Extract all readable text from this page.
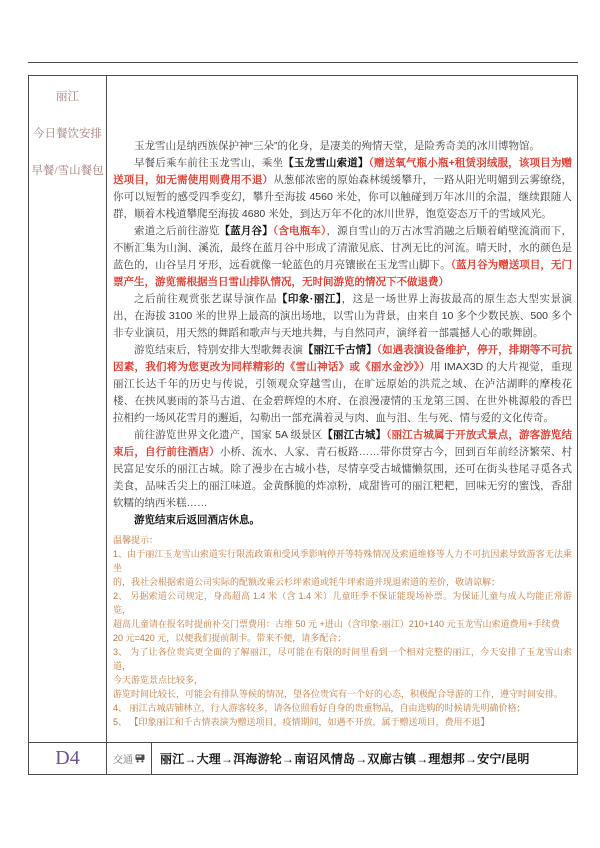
丽江
今日餐饮安排
早餐/雪山餐包

玉龙雪山是纳西族保护神“三朵”的化身，是凄美的殉情天堂，是险秀奇美的冰川博物馆。

早餐后乘车前往玉龙雪山，乘坐【玉龙雪山索道】（赠送氧气瓶小瓶+租赁羽绒服，该项目为赠送项目，如无需使用则费用不退）从葱郁浓密的原始森林缓缓攀升，一路从阳光明媚到云雾缭绕，你可以短暂的感受四季变幻，攀升至海拔 4560 米处，你可以触碰到万年冰川的余温，继续跟随人群，顺着木栈道攀爬至海拔 4680 米处，到达万年不化的冰川世界，饱览姿态万千的雪域风光。

索道之后前往游览【蓝月谷】（含电瓶车），源自雪山的万古冰雪消融之后顺着峭壁流淌而下，不断汇集为山涧、溪流，最终在蓝月谷中形成了清澈见底、甘冽无比的河流。晴天时，水的颜色是蓝色的，山谷呈月牙形，远看就像一轮蓝色的月亮镶嵌在玉龙雪山脚下。（蓝月谷为赠送项目，无门票产生，游览需根据当日雪山排队情况，无时间游览的情况下不做退费）

之后前往观赏张艺谋导演作品【印象·丽江】，这是一场世界上海拔最高的原生态大型实景演出，在海拔 3100 米的世界上最高的演出场地，以雪山为背景，由来自 10 多个少数民族、500 多个非专业演员，用天然的舞蹈和歌声与天地共舞，与自然同声，演绎着一部震撼人心的歌舞剧。

游览结束后，特别安排大型歌舞表演【丽江千古情】（如遇表演设备维护，停开，排期等不可抗因素，我们将为您更改为同样精彩的《雪山神话》或《丽水金沙》）用 IMAX3D 的大片视觉，重现丽江长达千年的历史与传说，引领观众穿越雪山，在旷远原始的洪荒之域、在泸沽湖畔的摩梭花楼、在挟风裹雨的茶马古道、在金碧辉煌的木府、在浪漫凄情的玉龙第三国、在世外桃源般的香巴拉相约一场风花雪月的邂逅，勾勒出一部充满着灵与肉、血与泪、生与死、情与爱的文化传奇。

前往游览世界文化遗产，国家 5A 级景区【丽江古城】（丽江古城属于开放式景点，游客游览结束后，自行前往酒店）小桥、流水、人家、青石板路……带你贯穿古今，回到百年前经济繁荣、村民富足安乐的丽江古城。除了漫步在古城小巷，尽情享受古城慵懒氛围，还可在街头巷尾寻觅各式美食，品味舌尖上的丽江味道。金黄酥脆的炸凉粉，咸甜皆可的丽江粑粑，回味无穷的蜜饯，香甜软糯的纳西米糕……

游览结束后返回酒店休息。

温馨提示：
1、由于丽江玉龙雪山索道实行限流政策和受风季影响停开等特殊情况及索道维修等人力不可抗因素导致游客无法乘坐
的，我社会根据索道公司实际的配额改乘云杉坪索道或牦牛坪索道并现退索道的差价，敬请谅解；
2、 另据索道公司规定，身高超高 1.4 米（含 1.4 米）儿童旺季不保证能现场补票。为保证儿童与成人均能正常游览，
超高儿童请在报名时提前补交门票费用：古维 50 元 +进山（含印象·丽江）210+140 元玉龙雪山索道费用+手续费
20 元=420 元，以便我们提前制卡。带来不便，请多配合；
3、 为了让各位贵宾更全面的了解丽江，尽可能在有限的时间里看到一个相对完整的丽江，今天安排了玉龙雪山索道，
今天游览景点比较多，
游览时间比较长，可能会有排队等候的情况，望各位贵宾有一个好的心态，积极配合导游的工作，遵守时间安排。
4、 丽江古城店铺林立，行人游客较多，请各位照看好自身的贵重物品，自由选购的时候请先明确价格；
5、 【印象丽江和千古情表演为赠送项目，疫情期间，如遇不开放，属于赠送项目，费用不退】
D4	交通	丽江→大理→洱海游轮→南诏风情岛→双廊古镇→理想邦→安宁/昆明
